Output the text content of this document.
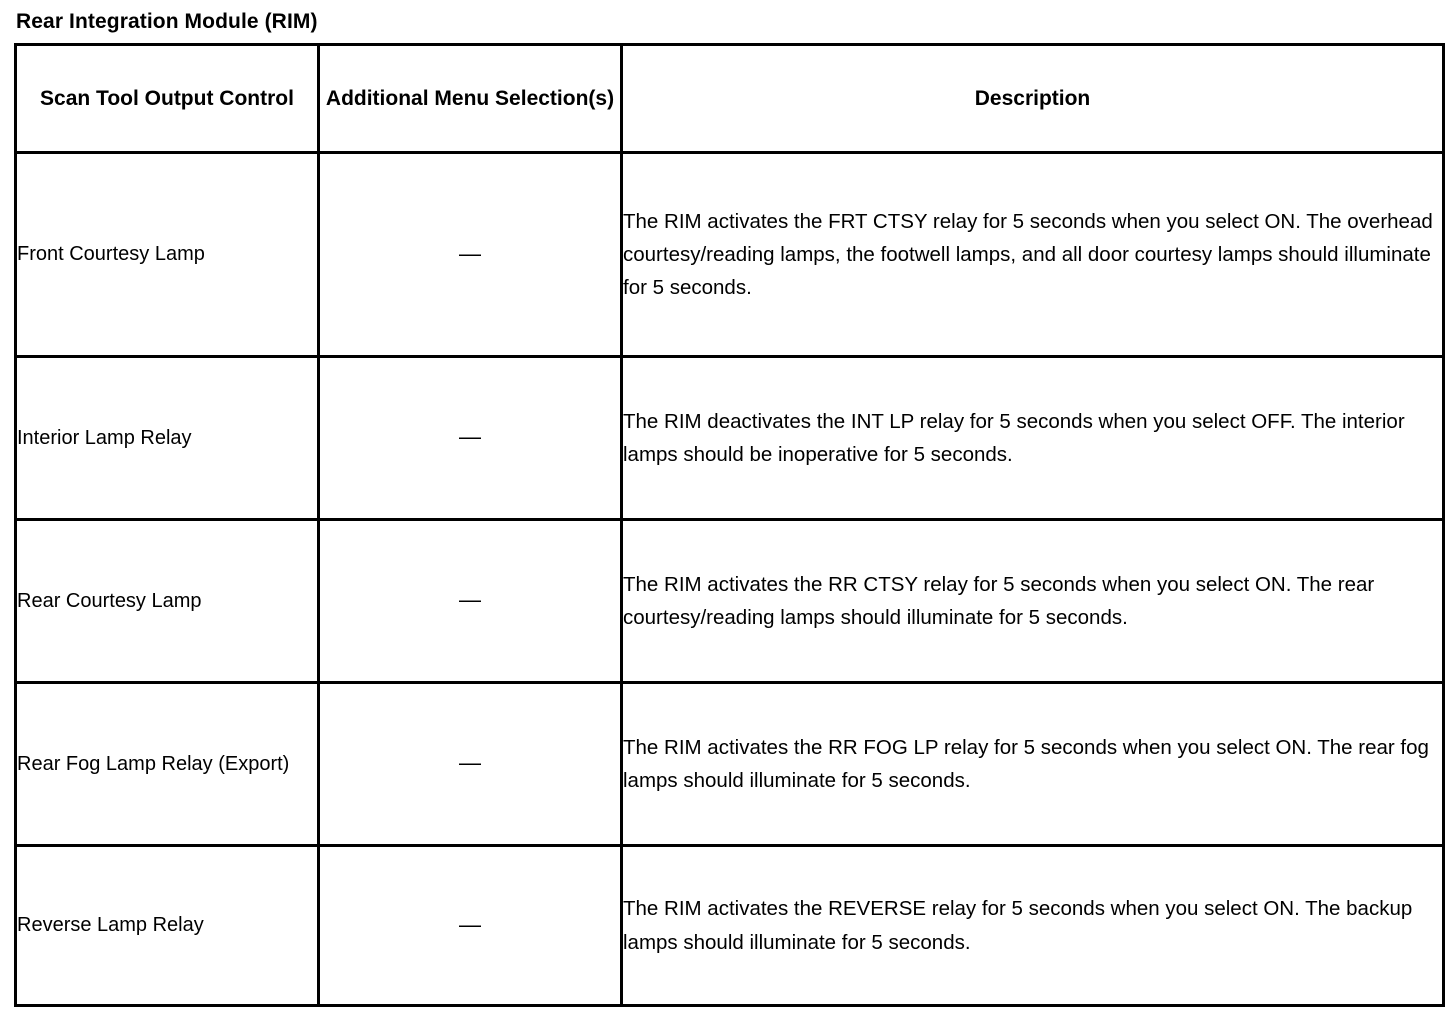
Rear Integration Module (RIM)
Scan Tool Output Control	Additional Menu Selection(s)	Description
Front Courtesy Lamp	—	The RIM activates the FRT CTSY relay for 5 seconds when you select ON. The overhead courtesy/reading lamps, the footwell lamps, and all door courtesy lamps should illuminate for 5 seconds.
Interior Lamp Relay	—	The RIM deactivates the INT LP relay for 5 seconds when you select OFF. The interior lamps should be inoperative for 5 seconds.
Rear Courtesy Lamp	—	The RIM activates the RR CTSY relay for 5 seconds when you select ON. The rear courtesy/reading lamps should illuminate for 5 seconds.
Rear Fog Lamp Relay (Export)	—	The RIM activates the RR FOG LP relay for 5 seconds when you select ON. The rear fog lamps should illuminate for 5 seconds.
Reverse Lamp Relay	—	The RIM activates the REVERSE relay for 5 seconds when you select ON. The backup lamps should illuminate for 5 seconds.
